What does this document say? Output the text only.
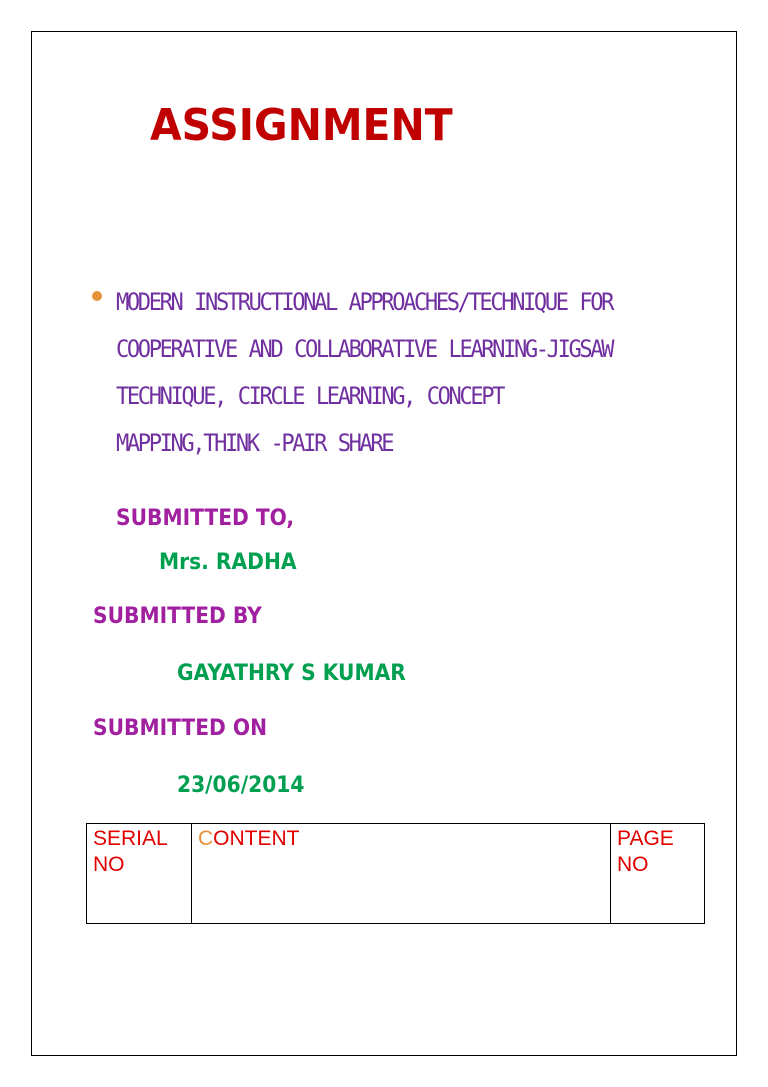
ASSIGNMENT
MODERN INSTRUCTIONAL APPROACHES/TECHNIQUE FOR COOPERATIVE AND COLLABORATIVE LEARNING-JIGSAW TECHNIQUE, CIRCLE LEARNING, CONCEPT MAPPING,THINK -PAIR SHARE
SUBMITTED TO,
Mrs. RADHA
SUBMITTED BY
GAYATHRY S KUMAR
SUBMITTED ON
23/06/2014
SERIAL NO	CONTENT	PAGE NO
